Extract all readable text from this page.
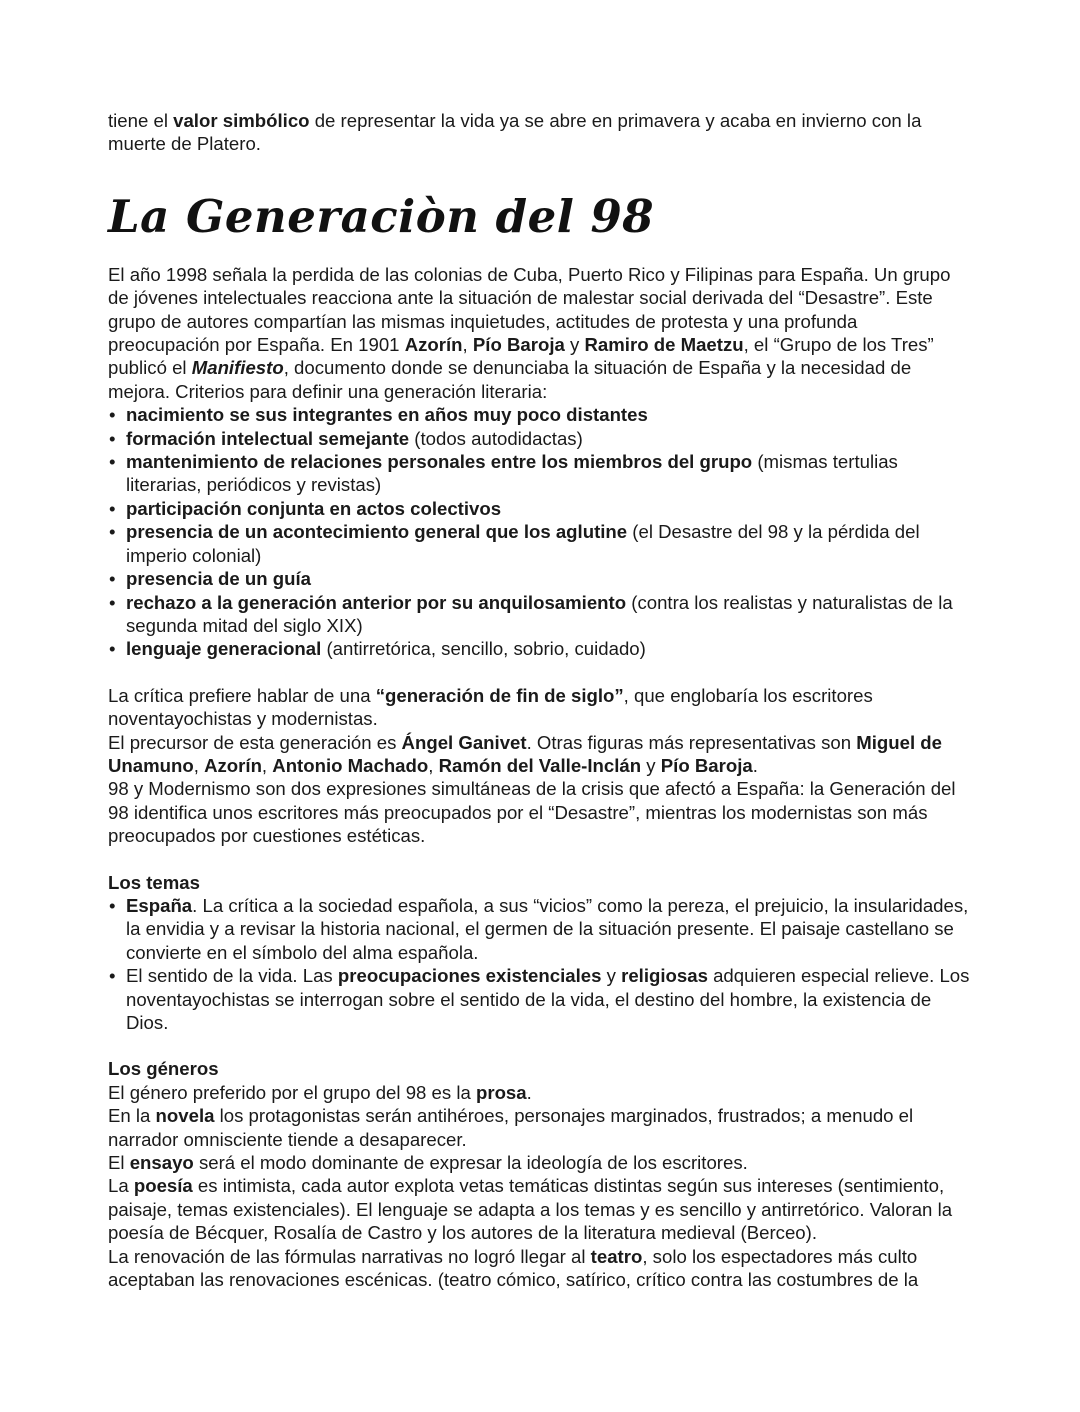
tiene el valor simbólico de representar la vida ya se abre en primavera y acaba en invierno con la muerte de Platero.

La Generaciòn del 98

El año 1998 señala la perdida de las colonias de Cuba, Puerto Rico y Filipinas para España. Un grupo de jóvenes intelectuales reacciona ante la situación de malestar social derivada del “Desastre”. Este grupo de autores compartían las mismas inquietudes, actitudes de protesta y una profunda preocupación por España. En 1901 Azorín, Pío Baroja y Ramiro de Maetzu, el “Grupo de los Tres” publicó el Manifiesto, documento donde se denunciaba la situación de España y la necesidad de mejora. Criterios para definir una generación literaria:

• nacimiento se sus integrantes en años muy poco distantes
• formación intelectual semejante (todos autodidactas)
• mantenimiento de relaciones personales entre los miembros del grupo (mismas tertulias literarias, periódicos y revistas)
• participación conjunta en actos colectivos
• presencia de un acontecimiento general que los aglutine (el Desastre del 98 y la pérdida del imperio colonial)
• presencia de un guía
• rechazo a la generación anterior por su anquilosamiento (contra los realistas y naturalistas de la segunda mitad del siglo XIX)
• lenguaje generacional (antirretórica, sencillo, sobrio, cuidado)

La crítica prefiere hablar de una “generación de fin de siglo”, que englobaría los escritores noventayochistas y modernistas.

El precursor de esta generación es Ángel Ganivet. Otras figuras más representativas son Miguel de Unamuno, Azorín, Antonio Machado, Ramón del Valle-Inclán y Pío Baroja.

98 y Modernismo son dos expresiones simultáneas de la crisis que afectó a España: la Generación del 98 identifica unos escritores más preocupados por el “Desastre”, mientras los modernistas son más preocupados por cuestiones estéticas.

Los temas

• España. La crítica a la sociedad española, a sus “vicios” como la pereza, el prejuicio, la insularidades, la envidia y a revisar la historia nacional, el germen de la situación presente. El paisaje castellano se convierte en el símbolo del alma española.
• El sentido de la vida. Las preocupaciones existenciales y religiosas adquieren especial relieve. Los noventayochistas se interrogan sobre el sentido de la vida, el destino del hombre, la existencia de Dios.

Los géneros

El género preferido por el grupo del 98 es la prosa.

En la novela los protagonistas serán antihéroes, personajes marginados, frustrados; a menudo el narrador omnisciente tiende a desaparecer.

El ensayo será el modo dominante de expresar la ideología de los escritores.

La poesía es intimista, cada autor explota vetas temáticas distintas según sus intereses (sentimiento, paisaje, temas existenciales). El lenguaje se adapta a los temas y es sencillo y antirretórico. Valoran la poesía de Bécquer, Rosalía de Castro y los autores de la literatura medieval (Berceo).

La renovación de las fórmulas narrativas no logró llegar al teatro, solo los espectadores más culto aceptaban las renovaciones escénicas. (teatro cómico, satírico, crítico contra las costumbres de la
